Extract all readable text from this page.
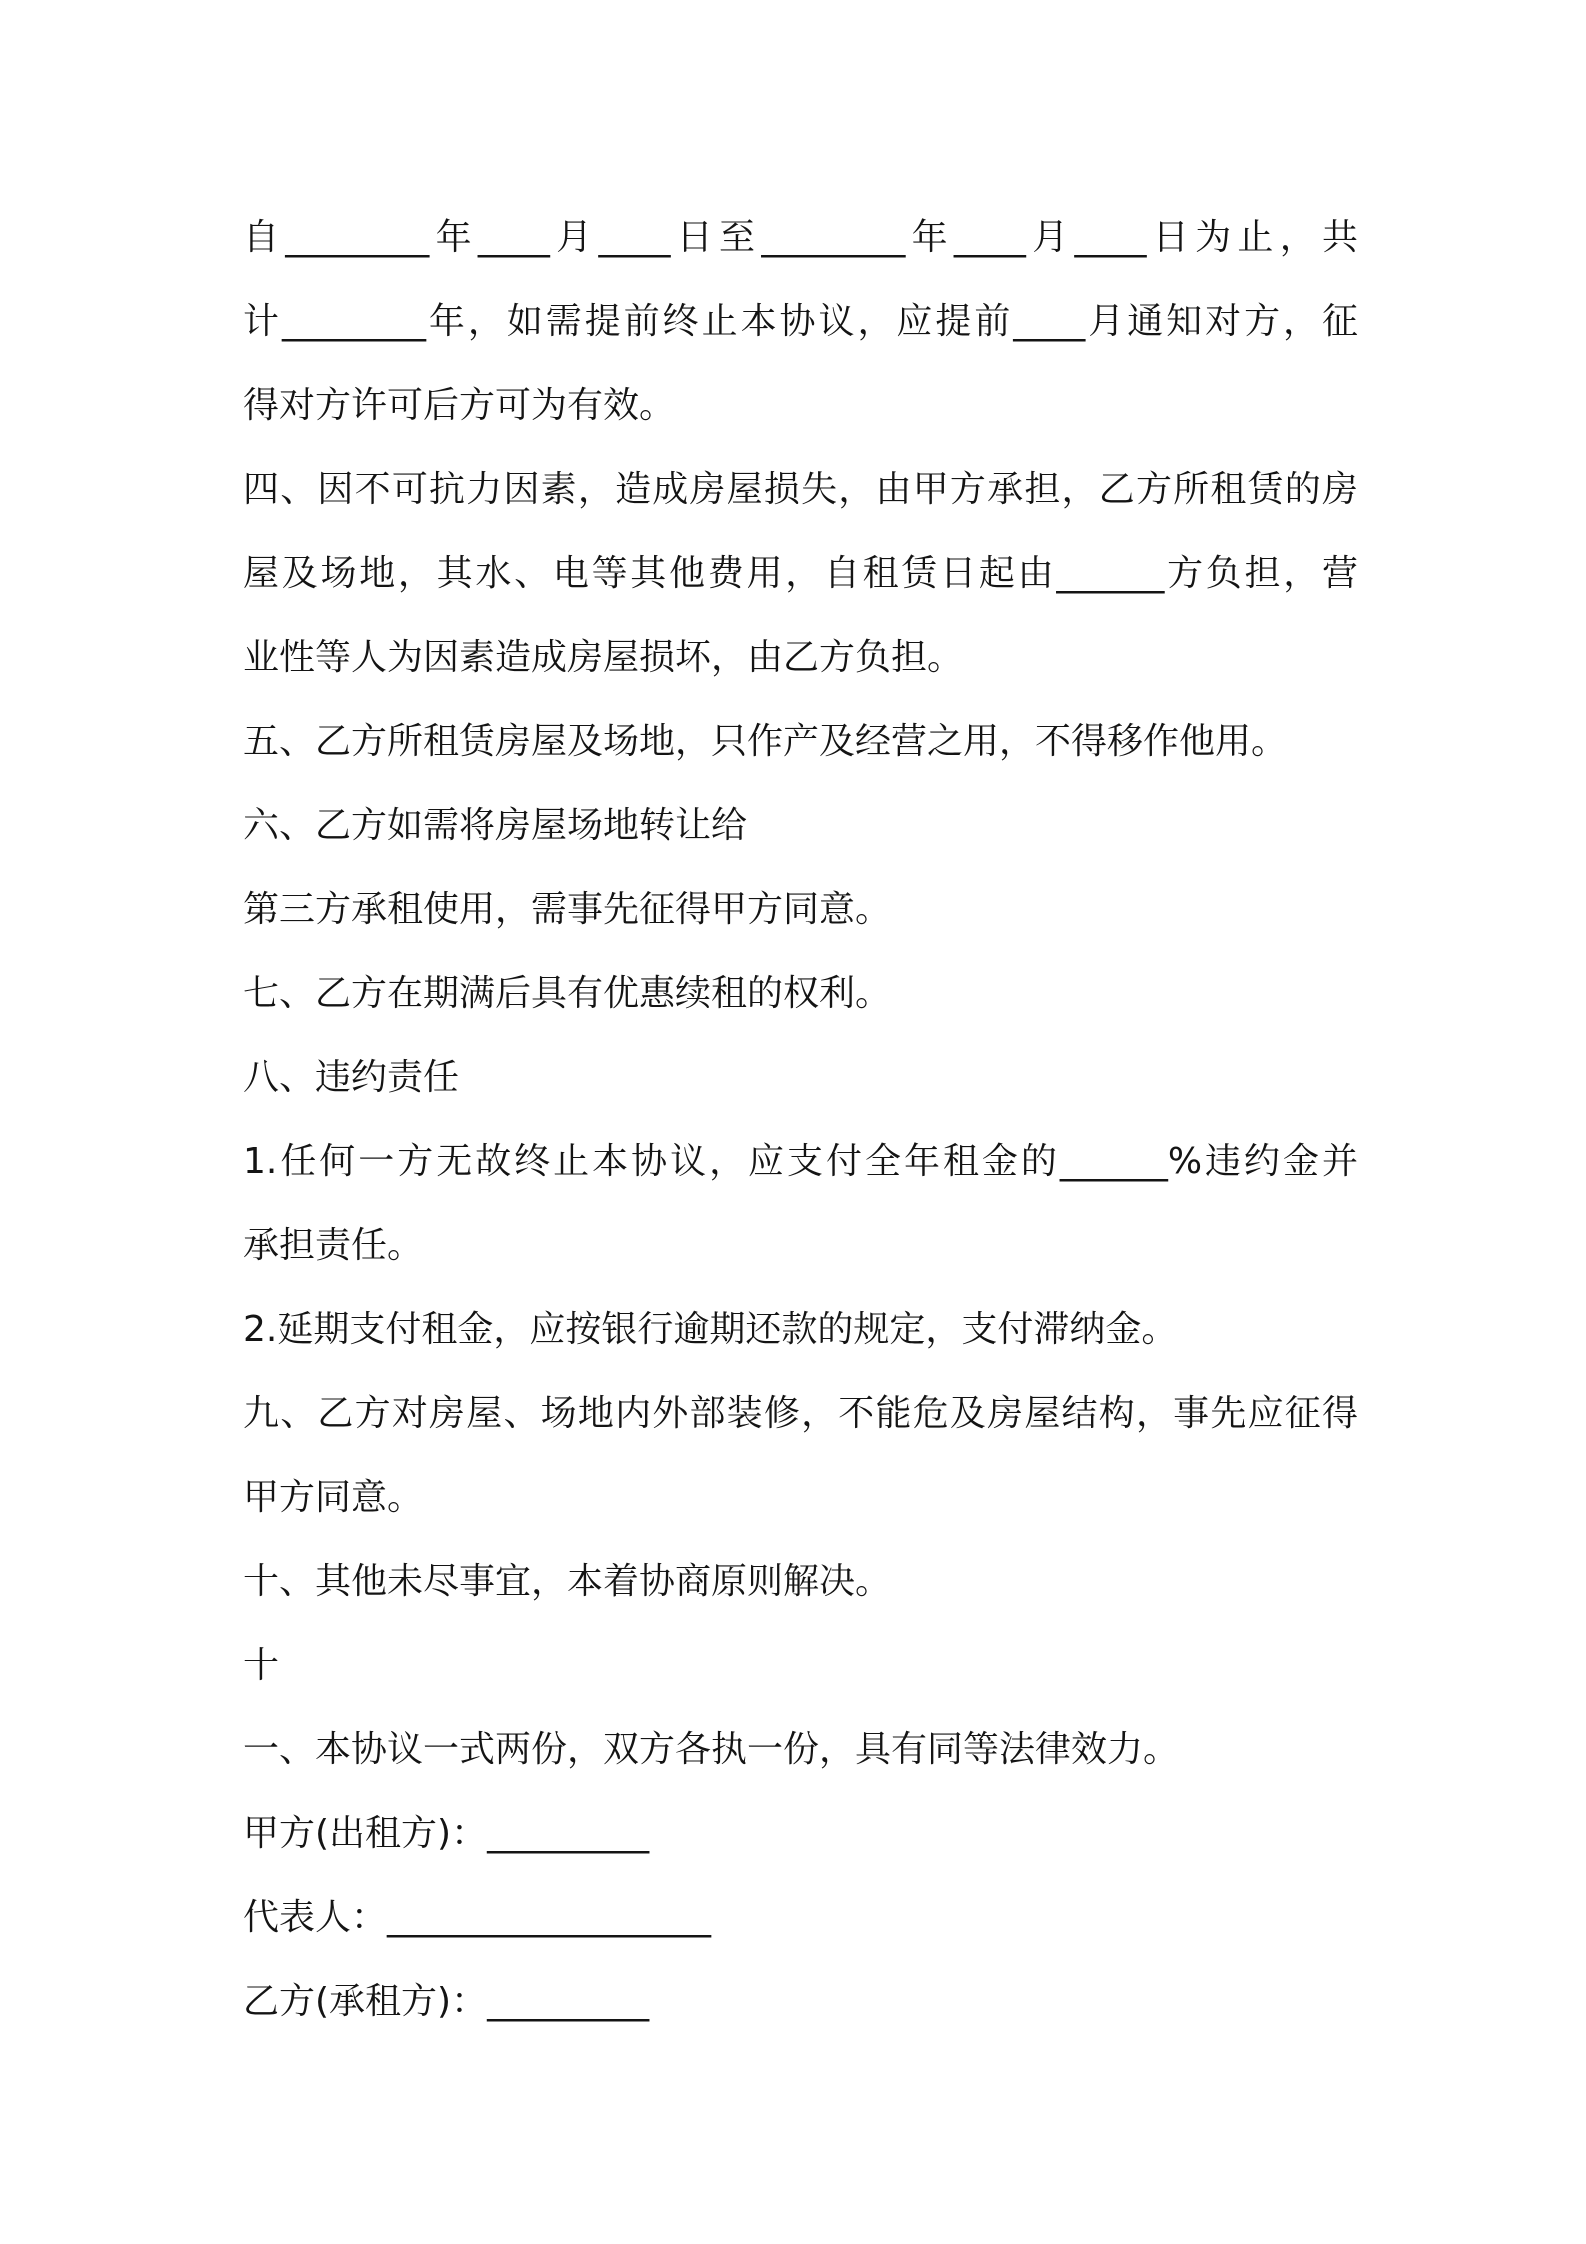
自________年____月____日至________年____月____日为止，共

计________年，如需提前终止本协议，应提前____月通知对方，征

得对方许可后方可为有效。

四、因不可抗力因素，造成房屋损失，由甲方承担，乙方所租赁的房

屋及场地，其水、电等其他费用，自租赁日起由______方负担，营

业性等人为因素造成房屋损坏，由乙方负担。

五、乙方所租赁房屋及场地，只作产及经营之用，不得移作他用。

六、乙方如需将房屋场地转让给

第三方承租使用，需事先征得甲方同意。

七、乙方在期满后具有优惠续租的权利。

八、违约责任

1.任何一方无故终止本协议，应支付全年租金的______%违约金并

承担责任。

2.延期支付租金，应按银行逾期还款的规定，支付滞纳金。

九、乙方对房屋、场地内外部装修，不能危及房屋结构，事先应征得

甲方同意。

十、其他未尽事宜，本着协商原则解决。

十

一、本协议一式两份，双方各执一份，具有同等法律效力。

甲方(出租方)：_________

代表人：__________________

乙方(承租方)：_________
